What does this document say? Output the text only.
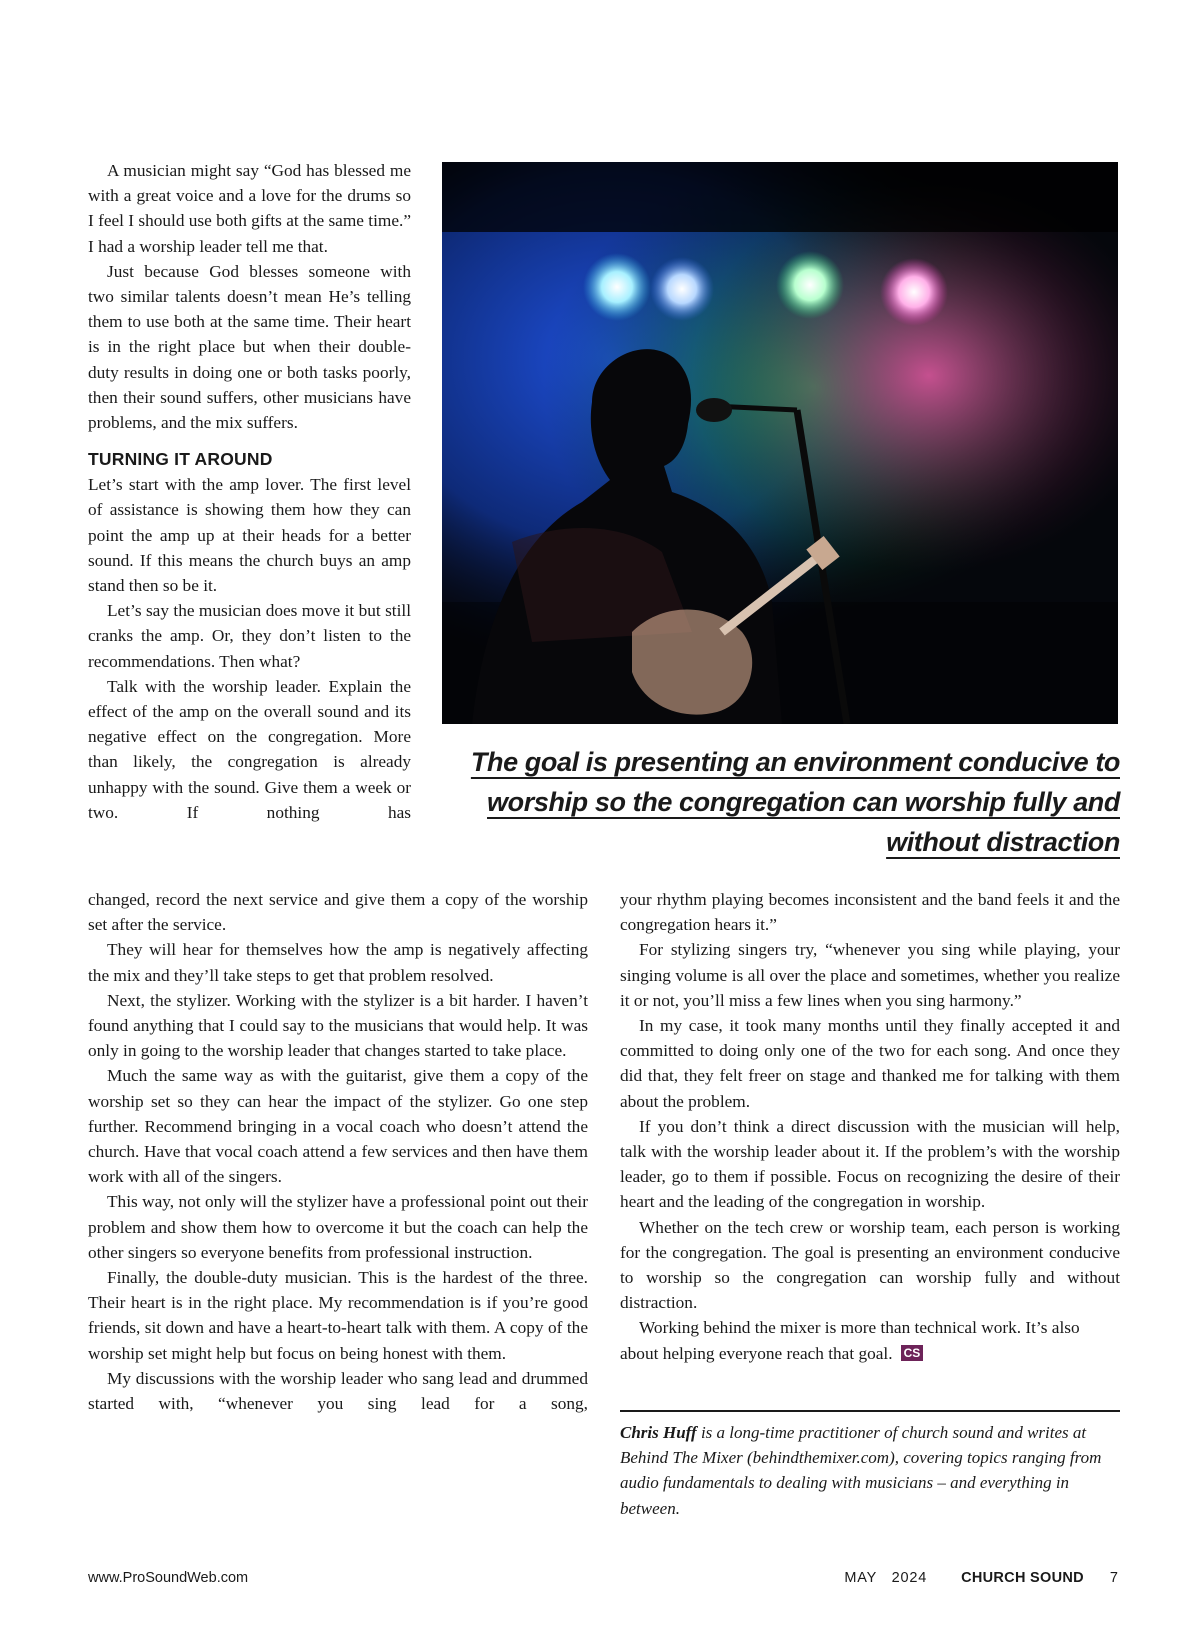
A musician might say “God has blessed me with a great voice and a love for the drums so I feel I should use both gifts at the same time.” I had a worship leader tell me that.

Just because God blesses someone with two similar talents doesn’t mean He’s telling them to use both at the same time. Their heart is in the right place but when their double-duty results in doing one or both tasks poorly, then their sound suffers, other musicians have problems, and the mix suffers.

TURNING IT AROUND

Let’s start with the amp lover. The first level of assistance is showing them how they can point the amp up at their heads for a better sound. If this means the church buys an amp stand then so be it.

Let’s say the musician does move it but still cranks the amp. Or, they don’t listen to the recommendations. Then what?

Talk with the worship leader. Explain the effect of the amp on the overall sound and its negative effect on the congregation. More than likely, the congregation is already unhappy with the sound. Give them a week or two. If nothing has

The goal is presenting an environment conducive to worship so the congregation can worship fully and without distraction

changed, record the next service and give them a copy of the worship set after the service.

They will hear for themselves how the amp is negatively affecting the mix and they’ll take steps to get that problem resolved.

Next, the stylizer. Working with the stylizer is a bit harder. I haven’t found anything that I could say to the musicians that would help. It was only in going to the worship leader that changes started to take place.

Much the same way as with the guitarist, give them a copy of the worship set so they can hear the impact of the stylizer. Go one step further. Recommend bringing in a vocal coach who doesn’t attend the church. Have that vocal coach attend a few services and then have them work with all of the singers.

This way, not only will the stylizer have a professional point out their problem and show them how to overcome it but the coach can help the other singers so everyone benefits from professional instruction.

Finally, the double-duty musician. This is the hardest of the three. Their heart is in the right place. My recommendation is if you’re good friends, sit down and have a heart-to-heart talk with them. A copy of the worship set might help but focus on being honest with them.

My discussions with the worship leader who sang lead and drummed started with, “whenever you sing lead for a song,

your rhythm playing becomes inconsistent and the band feels it and the congregation hears it.”

For stylizing singers try, “whenever you sing while playing, your singing volume is all over the place and sometimes, whether you realize it or not, you’ll miss a few lines when you sing harmony.”

In my case, it took many months until they finally accepted it and committed to doing only one of the two for each song. And once they did that, they felt freer on stage and thanked me for talking with them about the problem.

If you don’t think a direct discussion with the musician will help, talk with the worship leader about it. If the problem’s with the worship leader, go to them if possible. Focus on recognizing the desire of their heart and the leading of the congregation in worship.

Whether on the tech crew or worship team, each person is working for the congregation. The goal is presenting an environment conducive to worship so the congregation can worship fully and without distraction.

Working behind the mixer is more than technical work. It’s also about helping everyone reach that goal. CS

Chris Huff is a long-time practitioner of church sound and writes at Behind The Mixer (behindthemixer.com), covering topics ranging from audio fundamentals to dealing with musicians – and everything in between.
www.ProSoundWeb.com	MAY 2024 CHURCH SOUND 7
